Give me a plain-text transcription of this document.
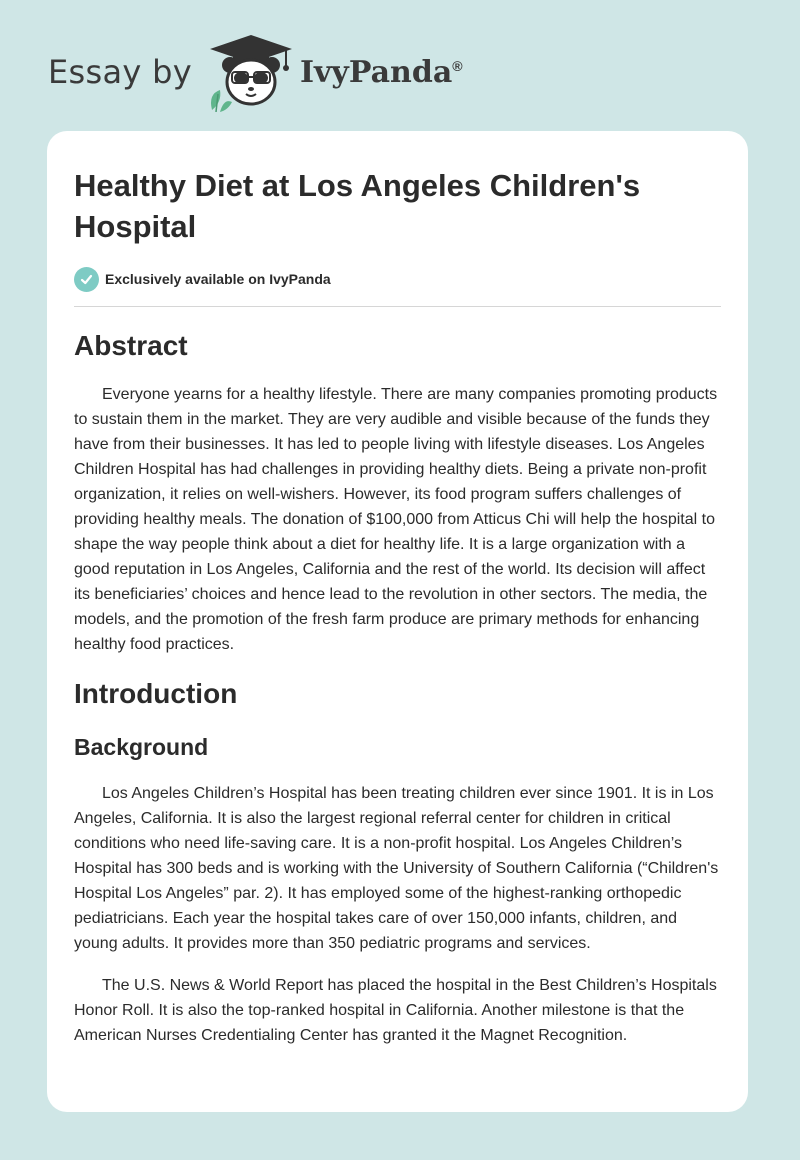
Essay by	IvyPanda®
Healthy Diet at Los Angeles Children's Hospital
Exclusively available on IvyPanda
Abstract

Everyone yearns for a healthy lifestyle. There are many companies promoting products to sustain them in the market. They are very audible and visible because of the funds they have from their businesses. It has led to people living with lifestyle diseases. Los Angeles Children Hospital has had challenges in providing healthy diets. Being a private non-profit organization, it relies on well-wishers. However, its food program suffers challenges of providing healthy meals. The donation of $100,000 from Atticus Chi will help the hospital to shape the way people think about a diet for healthy life. It is a large organization with a good reputation in Los Angeles, California and the rest of the world. Its decision will affect its beneficiaries’ choices and hence lead to the revolution in other sectors. The media, the models, and the promotion of the fresh farm produce are primary methods for enhancing healthy food practices.

Introduction
Background

Los Angeles Children’s Hospital has been treating children ever since 1901. It is in Los Angeles, California. It is also the largest regional referral center for children in critical conditions who need life-saving care. It is a non-profit hospital. Los Angeles Children’s Hospital has 300 beds and is working with the University of Southern California (“Children's Hospital Los Angeles” par. 2). It has employed some of the highest-ranking orthopedic pediatricians. Each year the hospital takes care of over 150,000 infants, children, and young adults. It provides more than 350 pediatric programs and services.

The U.S. News & World Report has placed the hospital in the Best Children’s Hospitals Honor Roll. It is also the top-ranked hospital in California. Another milestone is that the American Nurses Credentialing Center has granted it the Magnet Recognition.
